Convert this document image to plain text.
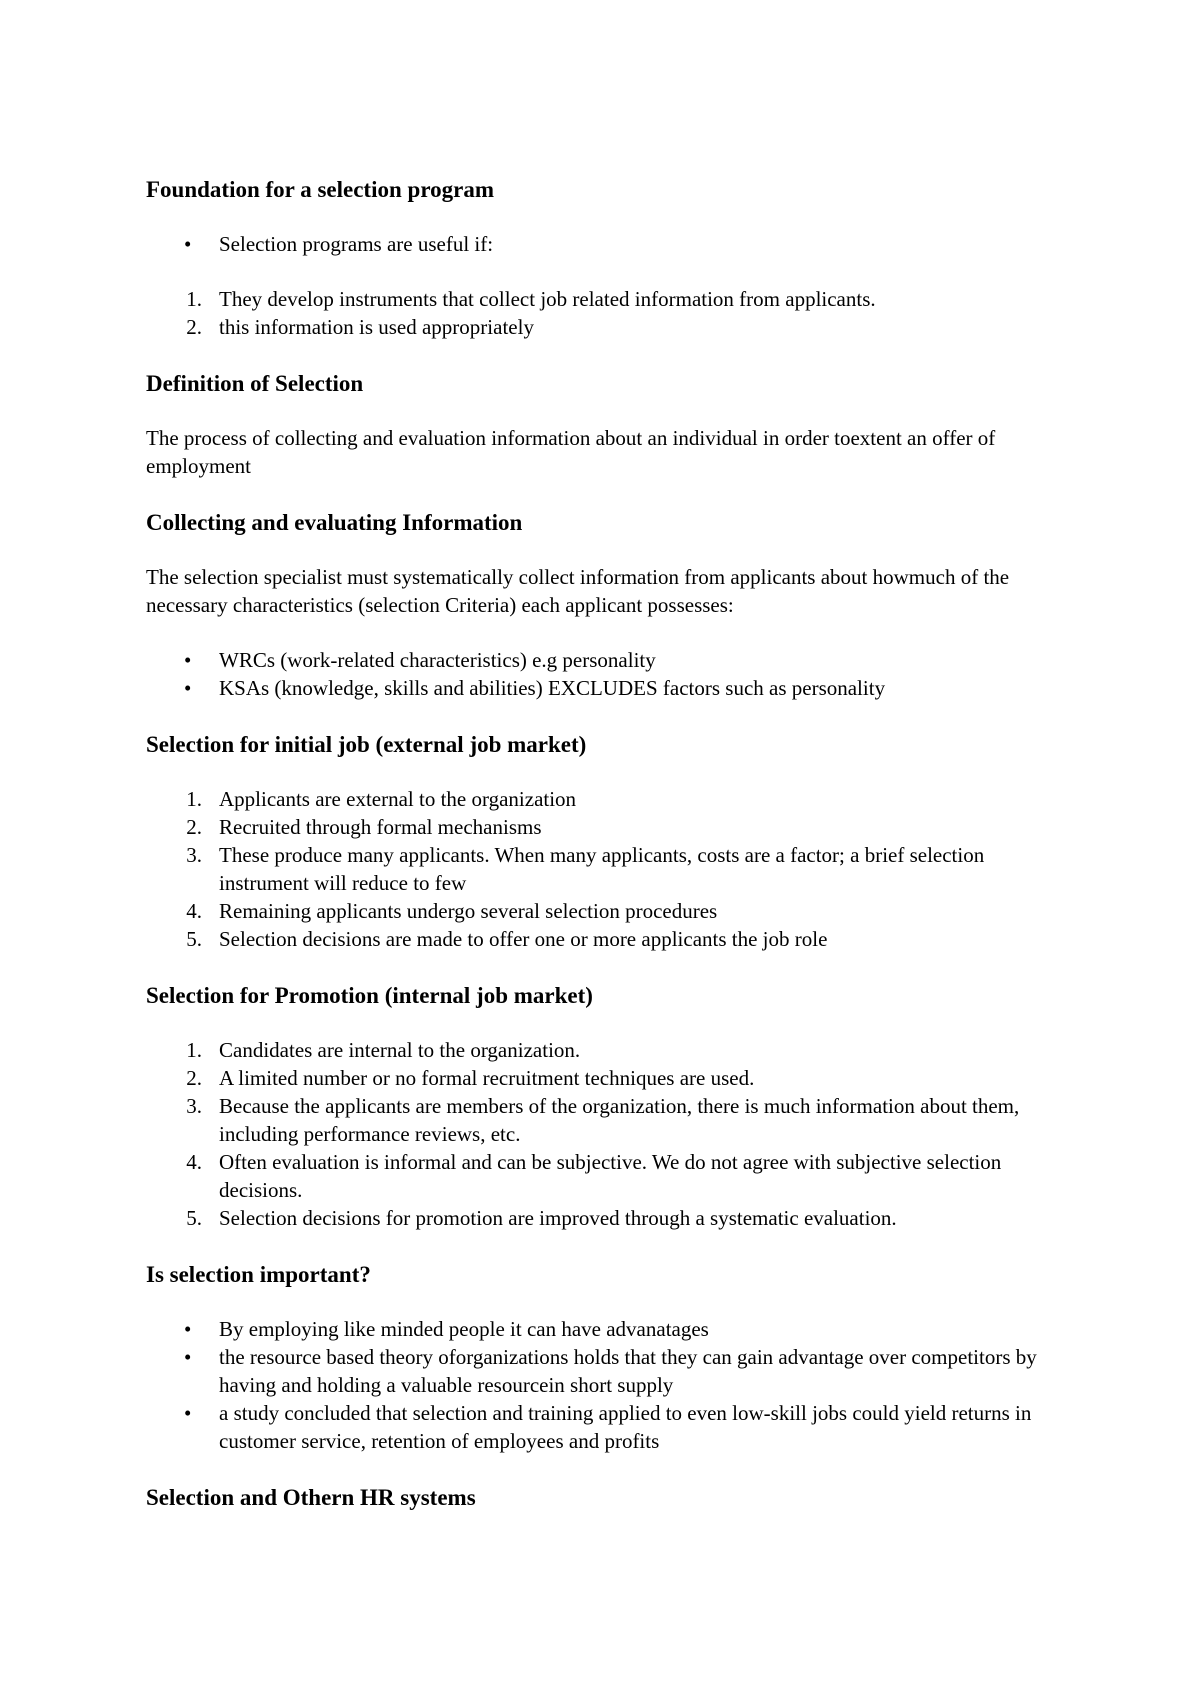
Foundation for a selection program
• Selection programs are useful if:
1. They develop instruments that collect job related information from applicants.
2. this information is used appropriately
Definition of Selection

The process of collecting and evaluation information about an individual in order toextent an offer of employment

Collecting and evaluating Information

The selection specialist must systematically collect information from applicants about howmuch of the necessary characteristics (selection Criteria) each applicant possesses:

• WRCs (work-related characteristics) e.g personality
• KSAs (knowledge, skills and abilities) EXCLUDES factors such as personality
Selection for initial job (external job market)
1. Applicants are external to the organization
2. Recruited through formal mechanisms
3. These produce many applicants. When many applicants, costs are a factor; a brief selection instrument will reduce to few
4. Remaining applicants undergo several selection procedures
5. Selection decisions are made to offer one or more applicants the job role
Selection for Promotion (internal job market)
1. Candidates are internal to the organization.
2. A limited number or no formal recruitment techniques are used.
3. Because the applicants are members of the organization, there is much information about them, including performance reviews, etc.
4. Often evaluation is informal and can be subjective. We do not agree with subjective selection decisions.
5. Selection decisions for promotion are improved through a systematic evaluation.
Is selection important?
• By employing like minded people it can have advanatages
• the resource based theory oforganizations holds that they can gain advantage over competitors by having and holding a valuable resourcein short supply
• a study concluded that selection and training applied to even low-skill jobs could yield returns in customer service, retention of employees and profits
Selection and Othern HR systems
